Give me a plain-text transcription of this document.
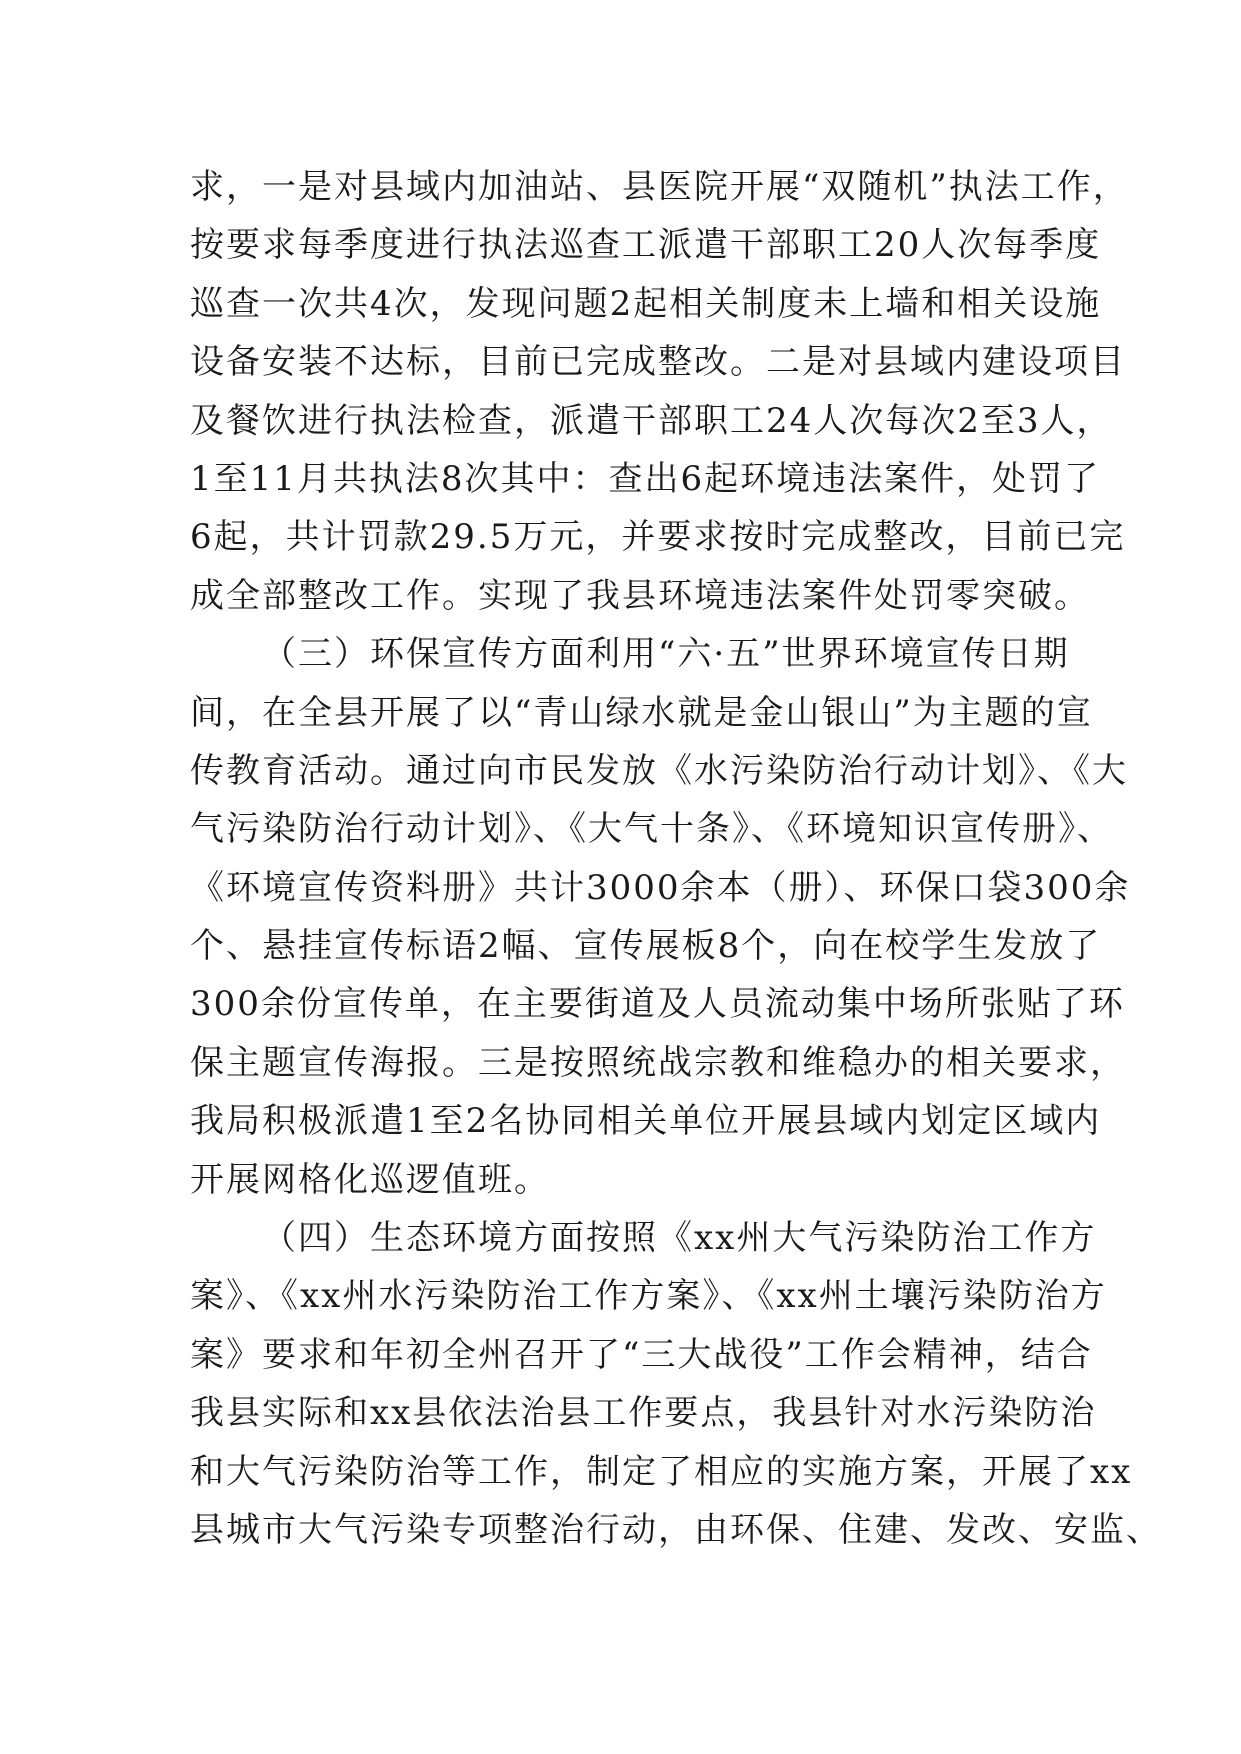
求，一是对县域内加油站、县医院开展“双随机”执法工作，
按要求每季度进行执法巡查工派遣干部职工20人次每季度
巡查一次共4次，发现问题2起相关制度未上墙和相关设施
设备安装不达标，目前已完成整改。二是对县域内建设项目
及餐饮进行执法检查，派遣干部职工24人次每次2至3人，
1至11月共执法8次其中：查出6起环境违法案件，处罚了
6起，共计罚款29.5万元，并要求按时完成整改，目前已完
成全部整改工作。实现了我县环境违法案件处罚零突破。
（三）环保宣传方面利用“六·五”世界环境宣传日期
间，在全县开展了以“青山绿水就是金山银山”为主题的宣
传教育活动。通过向市民发放《水污染防治行动计划》、《大
气污染防治行动计划》、《大气十条》、《环境知识宣传册》、
《环境宣传资料册》共计3000余本（册）、环保口袋300余
个、悬挂宣传标语2幅、宣传展板8个，向在校学生发放了
300余份宣传单，在主要街道及人员流动集中场所张贴了环
保主题宣传海报。三是按照统战宗教和维稳办的相关要求，
我局积极派遣1至2名协同相关单位开展县域内划定区域内
开展网格化巡逻值班。
（四）生态环境方面按照《xx州大气污染防治工作方
案》、《xx州水污染防治工作方案》、《xx州土壤污染防治方
案》要求和年初全州召开了“三大战役”工作会精神，结合
我县实际和xx县依法治县工作要点，我县针对水污染防治
和大气污染防治等工作，制定了相应的实施方案，开展了xx
县城市大气污染专项整治行动，由环保、住建、发改、安监、
